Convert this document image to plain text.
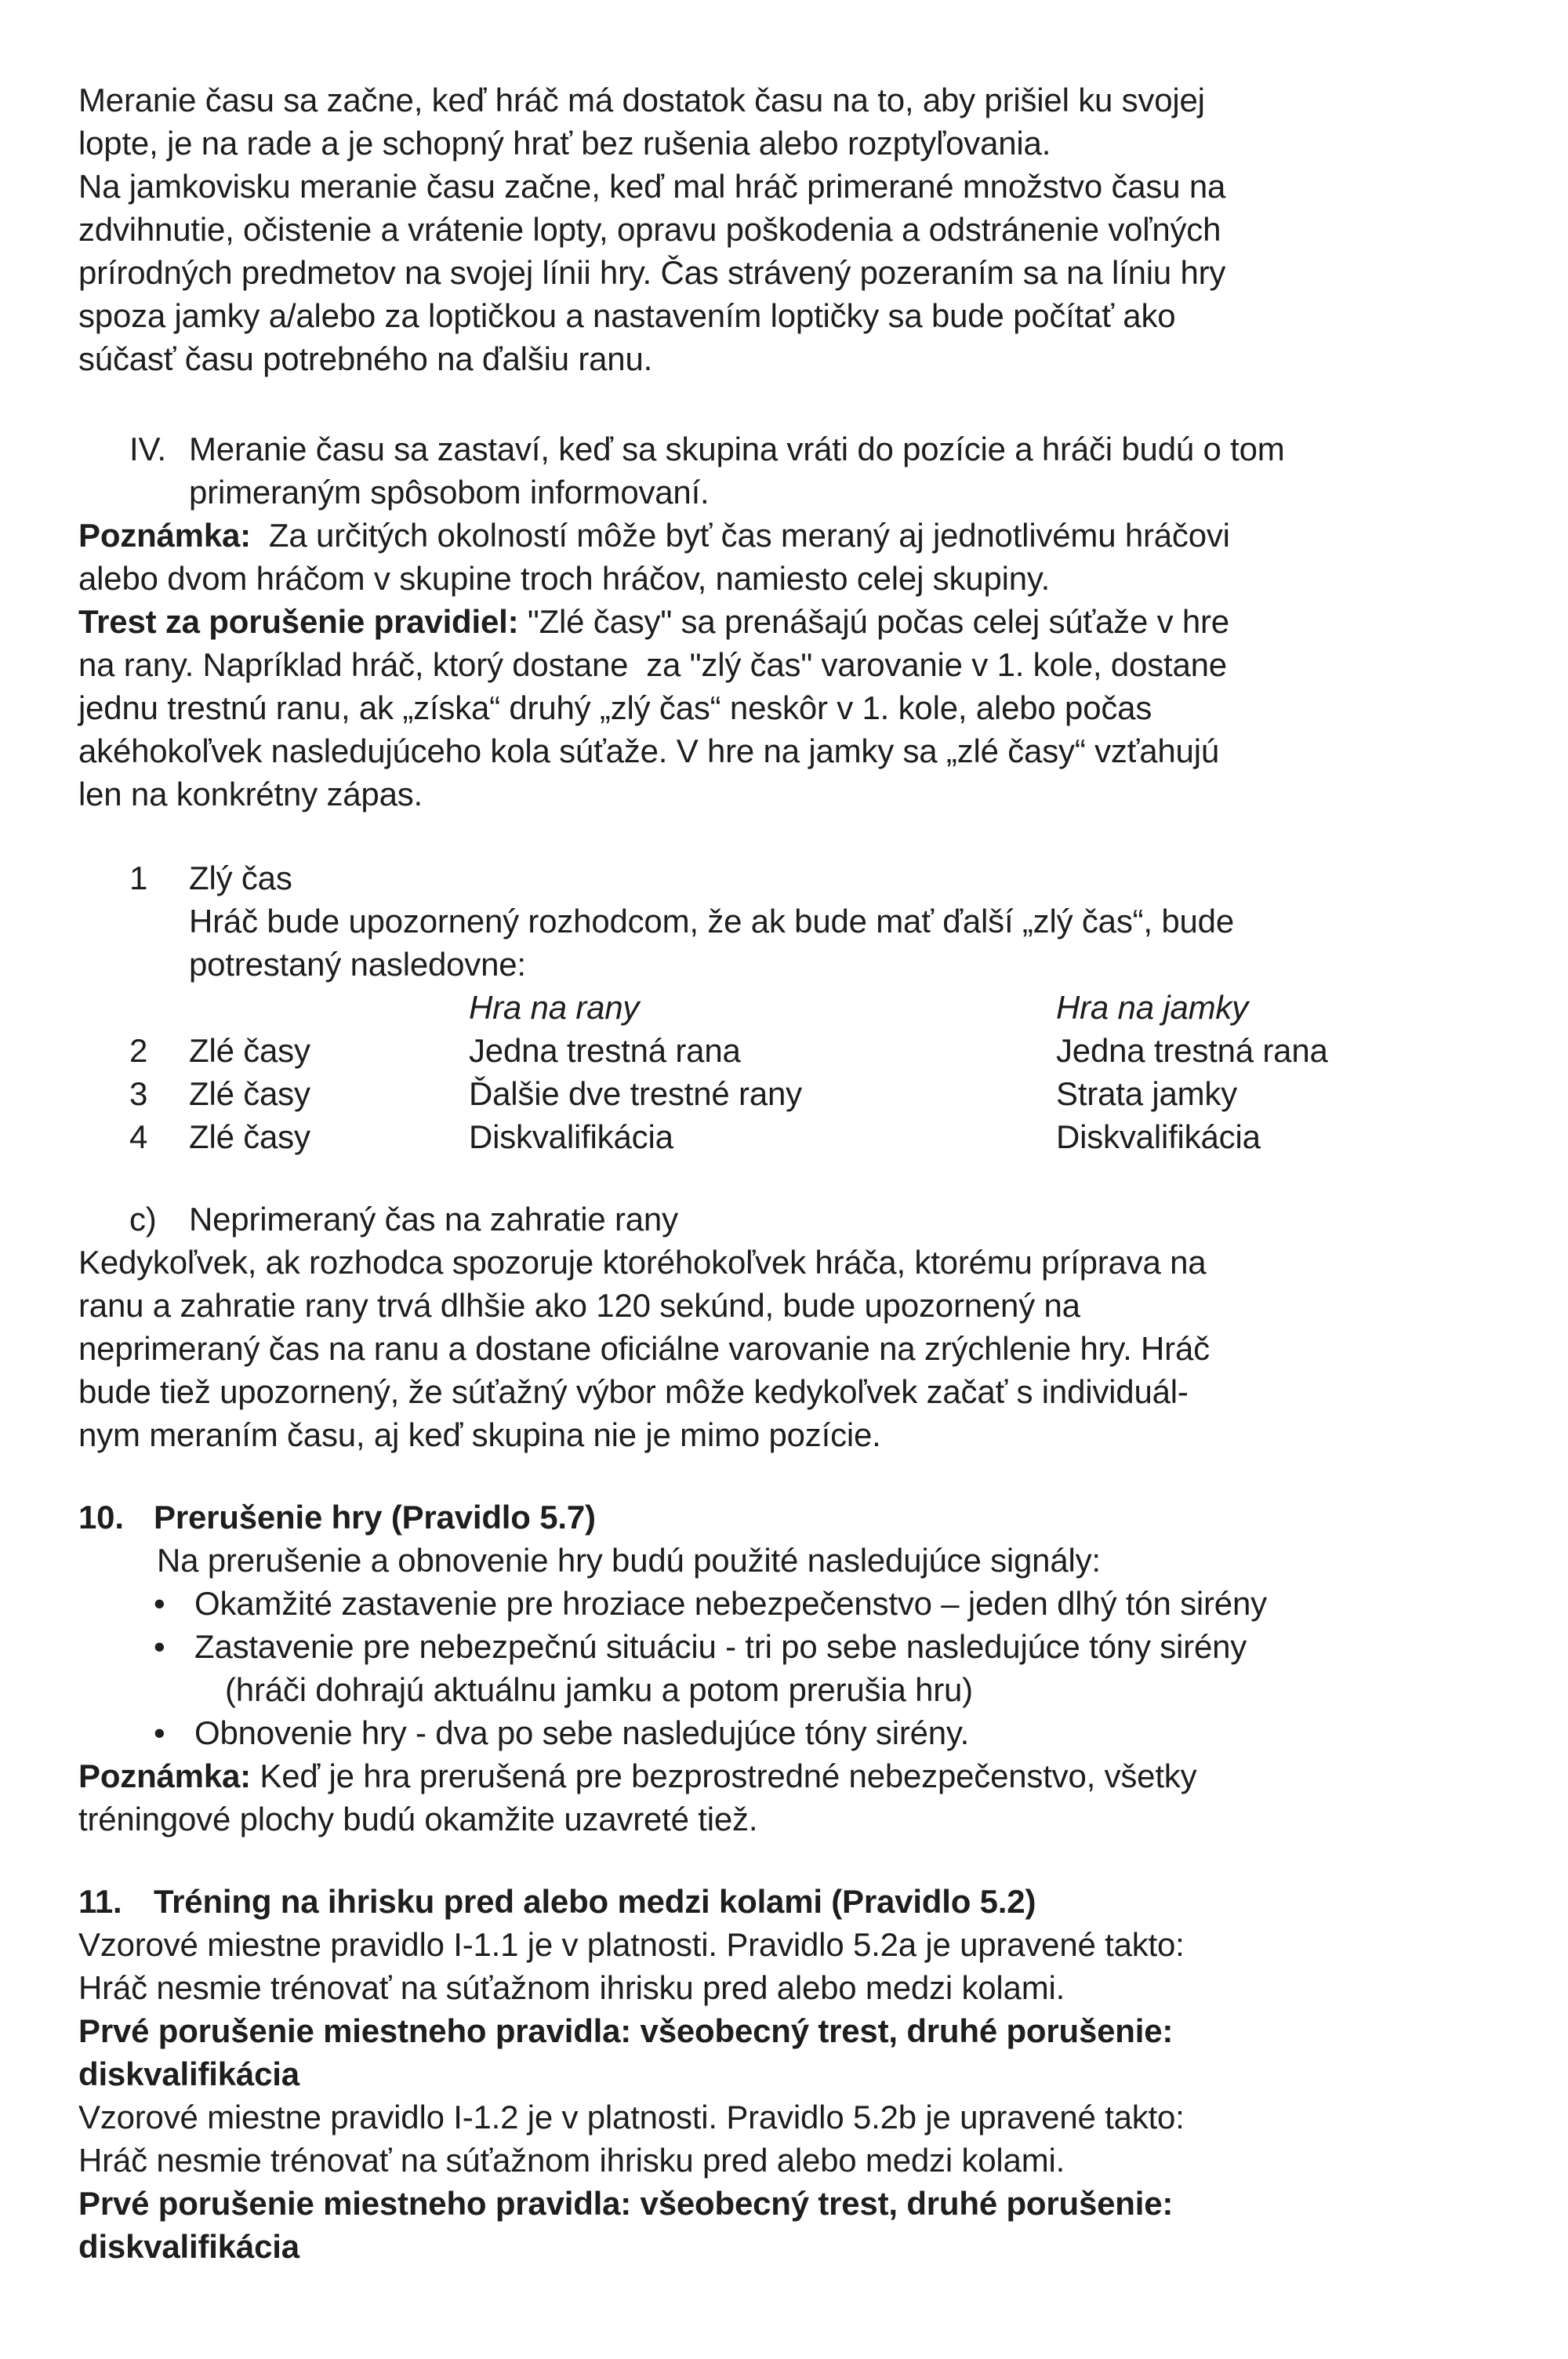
Meranie času sa začne, keď hráč má dostatok času na to, aby prišiel ku svojej
lopte, je na rade a je schopný hrať bez rušenia alebo rozptyľovania.
Na jamkovisku meranie času začne, keď mal hráč primerané množstvo času na
zdvihnutie, očistenie a vrátenie lopty, opravu poškodenia a odstránenie voľných
prírodných predmetov na svojej línii hry. Čas strávený pozeraním sa na líniu hry
spoza jamky a/alebo za loptičkou a nastavením loptičky sa bude počítať ako
súčasť času potrebného na ďalšiu ranu.
IV. Meranie času sa zastaví, keď sa skupina vráti do pozície a hráči budú o tom
primeraným spôsobom informovaní.
Poznámka:  Za určitých okolností môže byť čas meraný aj jednotlivému hráčovi
alebo dvom hráčom v skupine troch hráčov, namiesto celej skupiny.
Trest za porušenie pravidiel: "Zlé časy" sa prenášajú počas celej súťaže v hre
na rany. Napríklad hráč, ktorý dostane  za "zlý čas" varovanie v 1. kole, dostane
jednu trestnú ranu, ak „získa“ druhý „zlý čas“ neskôr v 1. kole, alebo počas
akéhokoľvek nasledujúceho kola súťaže. V hre na jamky sa „zlé časy“ vzťahujú
len na konkrétny zápas.
1	Zlý čas
Hráč bude upozornený rozhodcom, že ak bude mať ďalší „zlý čas“, bude
potrestaný nasledovne:
Hra na rany	Hra na jamky
2	Zlé časy	Jedna trestná rana	Jedna trestná rana
3	Zlé časy	Ďalšie dve trestné rany	Strata jamky
4	Zlé časy	Diskvalifikácia	Diskvalifikácia
c) Neprimeraný čas na zahratie rany
Kedykoľvek, ak rozhodca spozoruje ktoréhokoľvek hráča, ktorému príprava na
ranu a zahratie rany trvá dlhšie ako 120 sekúnd, bude upozornený na
neprimeraný čas na ranu a dostane oficiálne varovanie na zrýchlenie hry. Hráč
bude tiež upozornený, že súťažný výbor môže kedykoľvek začať s individuál-
nym meraním času, aj keď skupina nie je mimo pozície.
10. Prerušenie hry (Pravidlo 5.7)
Na prerušenie a obnovenie hry budú použité nasledujúce signály:
• Okamžité zastavenie pre hroziace nebezpečenstvo – jeden dlhý tón sirény
• Zastavenie pre nebezpečnú situáciu - tri po sebe nasledujúce tóny sirény
(hráči dohrajú aktuálnu jamku a potom prerušia hru)
• Obnovenie hry - dva po sebe nasledujúce tóny sirény.
Poznámka: Keď je hra prerušená pre bezprostredné nebezpečenstvo, všetky
tréningové plochy budú okamžite uzavreté tiež.
11. Tréning na ihrisku pred alebo medzi kolami (Pravidlo 5.2)
Vzorové miestne pravidlo I-1.1 je v platnosti. Pravidlo 5.2a je upravené takto:
Hráč nesmie trénovať na súťažnom ihrisku pred alebo medzi kolami.
Prvé porušenie miestneho pravidla: všeobecný trest, druhé porušenie:
diskvalifikácia
Vzorové miestne pravidlo I-1.2 je v platnosti. Pravidlo 5.2b je upravené takto:
Hráč nesmie trénovať na súťažnom ihrisku pred alebo medzi kolami.
Prvé porušenie miestneho pravidla: všeobecný trest, druhé porušenie:
diskvalifikácia
